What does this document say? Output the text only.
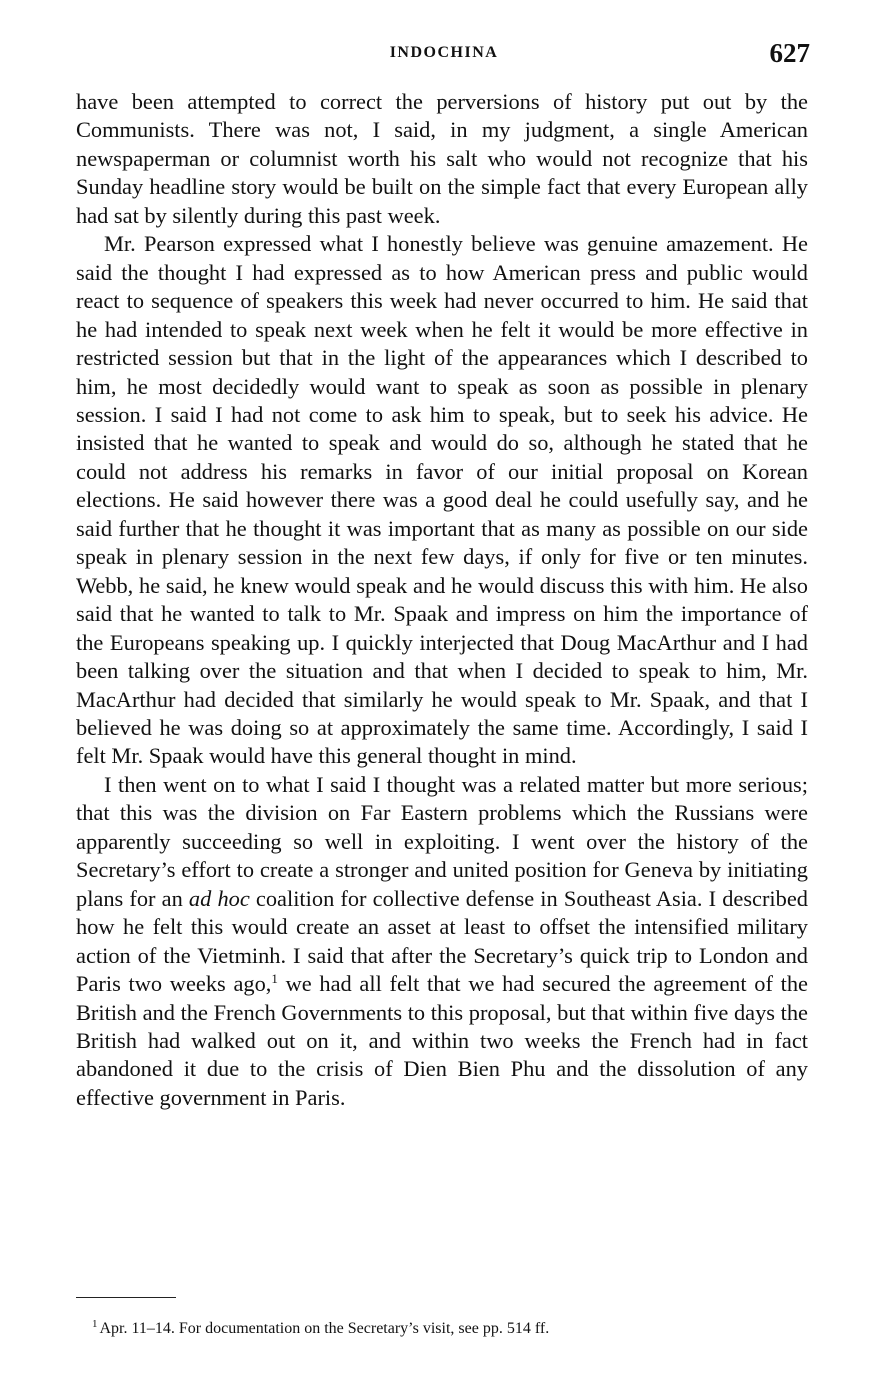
INDOCHINA	627

have been attempted to correct the perversions of history put out by the Communists. There was not, I said, in my judgment, a single American newspaperman or columnist worth his salt who would not recognize that his Sunday headline story would be built on the simple fact that every European ally had sat by silently during this past week.

Mr. Pearson expressed what I honestly believe was genuine amazement. He said the thought I had expressed as to how American press and public would react to sequence of speakers this week had never occurred to him. He said that he had intended to speak next week when he felt it would be more effective in restricted session but that in the light of the appearances which I described to him, he most decidedly would want to speak as soon as possible in plenary session. I said I had not come to ask him to speak, but to seek his advice. He insisted that he wanted to speak and would do so, although he stated that he could not address his remarks in favor of our initial proposal on Korean elections. He said however there was a good deal he could usefully say, and he said further that he thought it was important that as many as possible on our side speak in plenary session in the next few days, if only for five or ten minutes. Webb, he said, he knew would speak and he would discuss this with him. He also said that he wanted to talk to Mr. Spaak and impress on him the importance of the Europeans speaking up. I quickly interjected that Doug MacArthur and I had been talking over the situation and that when I decided to speak to him, Mr. MacArthur had decided that similarly he would speak to Mr. Spaak, and that I believed he was doing so at approximately the same time. Accordingly, I said I felt Mr. Spaak would have this general thought in mind.

I then went on to what I said I thought was a related matter but more serious; that this was the division on Far Eastern problems which the Russians were apparently succeeding so well in exploiting. I went over the history of the Secretary’s effort to create a stronger and united position for Geneva by initiating plans for an ad hoc coalition for collective defense in Southeast Asia. I described how he felt this would create an asset at least to offset the intensified military action of the Vietminh. I said that after the Secretary’s quick trip to London and Paris two weeks ago,$^1$ we had all felt that we had secured the agreement of the British and the French Governments to this proposal, but that within five days the British had walked out on it, and within two weeks the French had in fact abandoned it due to the crisis of Dien Bien Phu and the dissolution of any effective government in Paris.

$^1$ Apr. 11–14. For documentation on the Secretary’s visit, see pp. 514 ff.
